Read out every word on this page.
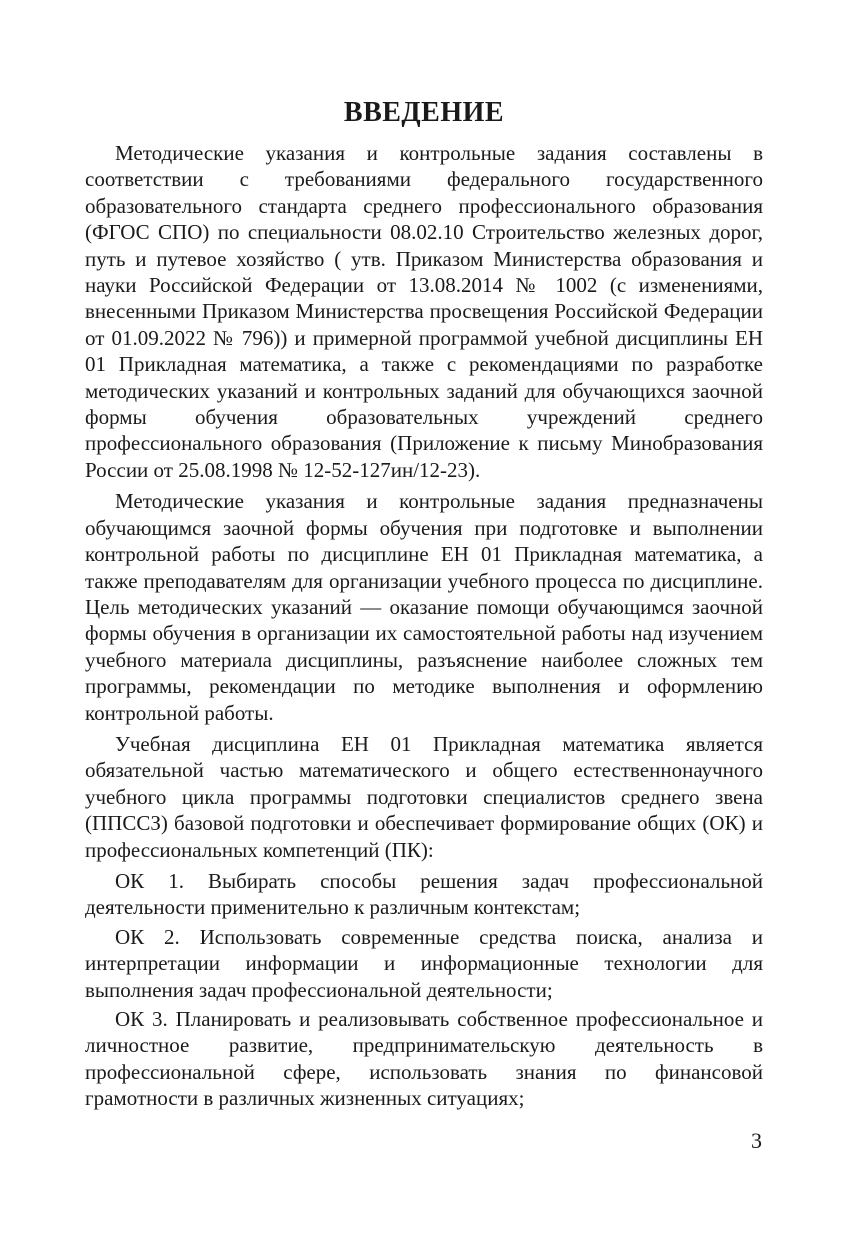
ВВЕДЕНИЕ

Методические указания и контрольные задания составлены в соответствии с требованиями федерального государственного образовательного стандарта среднего профессионального образования (ФГОС СПО) по специальности 08.02.10 Строительство железных дорог, путь и путевое хозяйство ( утв. Приказом Министерства образования и науки Российской Федерации от 13.08.2014 № 1002 (с изменениями, внесенными Приказом Министерства просвещения Российской Федерации от 01.09.2022 № 796)) и примерной программой учебной дисциплины ЕН 01 Прикладная математика, а также с рекомендациями по разработке методических указаний и контрольных заданий для обучающихся заочной формы обучения образовательных учреждений среднего профессионального образования (Приложение к письму Минобразования России от 25.08.1998 № 12-52-127ин/12-23).

Методические указания и контрольные задания предназначены обучающимся заочной формы обучения при подготовке и выполнении контрольной работы по дисциплине ЕН 01 Прикладная математика, а также преподавателям для организации учебного процесса по дисциплине. Цель методических указаний — оказание помощи обучающимся заочной формы обучения в организации их самостоятельной работы над изучением учебного материала дисциплины, разъяснение наиболее сложных тем программы, рекомендации по методике выполнения и оформлению контрольной работы.

Учебная дисциплина ЕН 01 Прикладная математика является обязательной частью математического и общего естественнонаучного учебного цикла программы подготовки специалистов среднего звена (ППССЗ) базовой подготовки и обеспечивает формирование общих (ОК) и профессиональных компетенций (ПК):

ОК 1. Выбирать способы решения задач профессиональной деятельности применительно к различным контекстам;

ОК 2. Использовать современные средства поиска, анализа и интерпретации информации и информационные технологии для выполнения задач профессиональной деятельности;

ОК 3. Планировать и реализовывать собственное профессиональное и личностное развитие, предпринимательскую деятельность в профессиональной сфере, использовать знания по финансовой грамотности в различных жизненных ситуациях;

3
